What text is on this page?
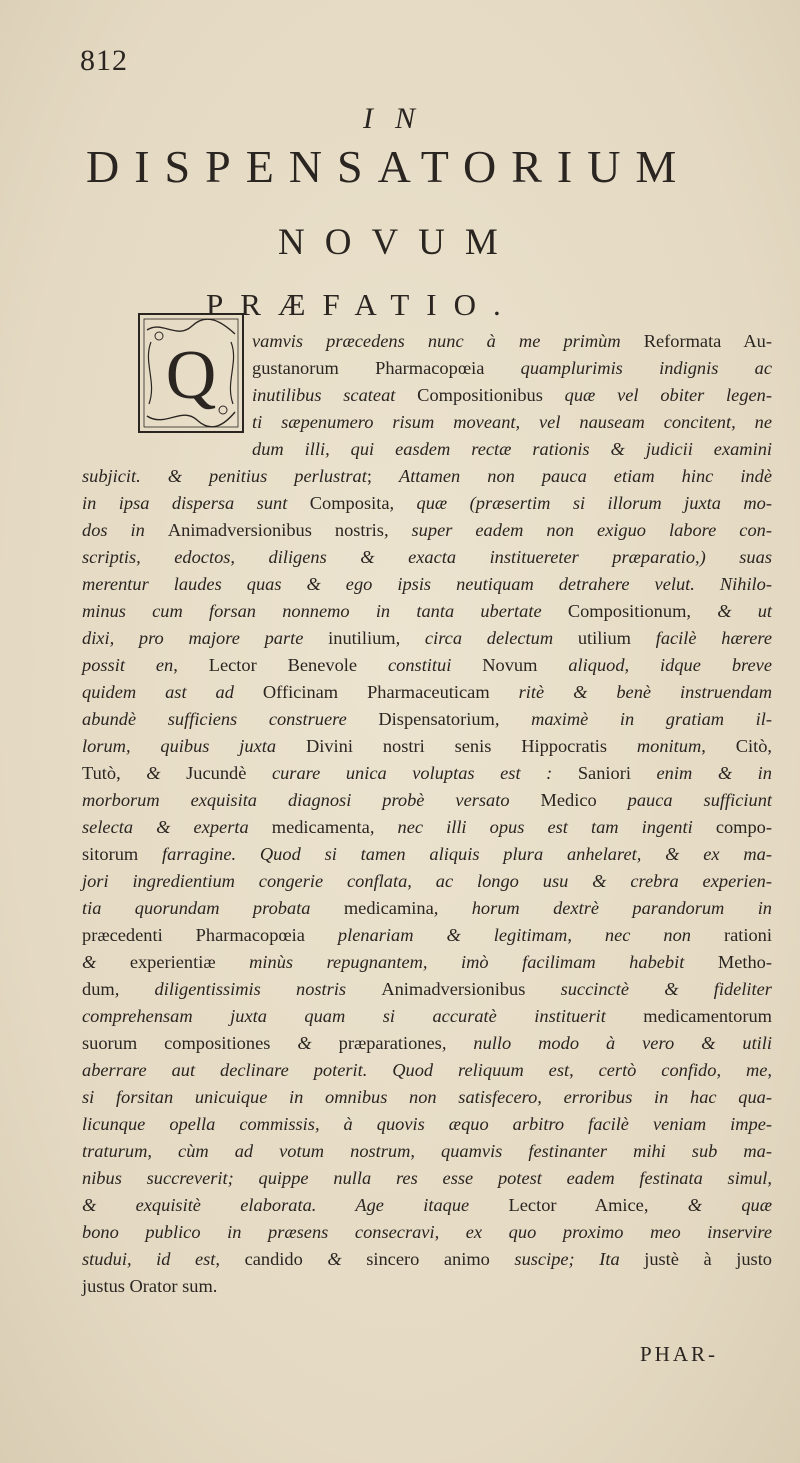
812
IN
DISPENSATORIUM
NOVUM
PRÆFATIO.
Q	vamvis præcedens nunc à me primùm Reformata Au-
gustanorum Pharmacopœia quamplurimis indignis ac
inutilibus scateat Compositionibus quæ vel obiter legen-
ti sæpenumero risum moveant, vel nauseam concitent, ne
dum illi, qui easdem rectæ rationis & judicii examini
subjicit. & penitius perlustrat; Attamen non pauca etiam hinc indè
in ipsa dispersa sunt Composita, quæ (præsertim si illorum juxta mo-
dos in Animadversionibus nostris, super eadem non exiguo labore con-
scriptis, edoctos, diligens & exacta instituereter præparatio,) suas
merentur laudes quas & ego ipsis neutiquam detrahere velut. Nihilo-
minus cum forsan nonnemo in tanta ubertate Compositionum, & ut
dixi, pro majore parte inutilium, circa delectum utilium facilè hærere
possit en, Lector Benevole constitui Novum aliquod, idque breve
quidem ast ad Officinam Pharmaceuticam ritè & benè instruendam
abundè sufficiens construere Dispensatorium, maximè in gratiam il-
lorum, quibus juxta Divini nostri senis Hippocratis monitum, Citò,
Tutò, & Jucundè curare unica voluptas est : Saniori enim & in
morborum exquisita diagnosi probè versato Medico pauca sufficiunt
selecta & experta medicamenta, nec illi opus est tam ingenti compo-
sitorum farragine. Quod si tamen aliquis plura anhelaret, & ex ma-
jori ingredientium congerie conflata, ac longo usu & crebra experien-
tia quorundam probata medicamina, horum dextrè parandorum in
præcedenti Pharmacopœia plenariam & legitimam, nec non rationi
& experientiæ minùs repugnantem, imò facilimam habebit Metho-
dum, diligentissimis nostris Animadversionibus succinctè & fideliter
comprehensam juxta quam si accuratè instituerit medicamentorum
suorum compositiones & præparationes, nullo modo à vero & utili
aberrare aut declinare poterit. Quod reliquum est, certò confido, me,
si forsitan unicuique in omnibus non satisfecero, erroribus in hac qua-
licunque opella commissis, à quovis æquo arbitro facilè veniam impe-
traturum, cùm ad votum nostrum, quamvis festinanter mihi sub ma-
nibus succreverit; quippe nulla res esse potest eadem festinata simul,
& exquisitè elaborata. Age itaque Lector Amice, & quæ
bono publico in præsens consecravi, ex quo proximo meo inservire
studui, id est, candido & sincero animo suscipe; Ita justè à justo
justus Orator sum.
PHAR-
